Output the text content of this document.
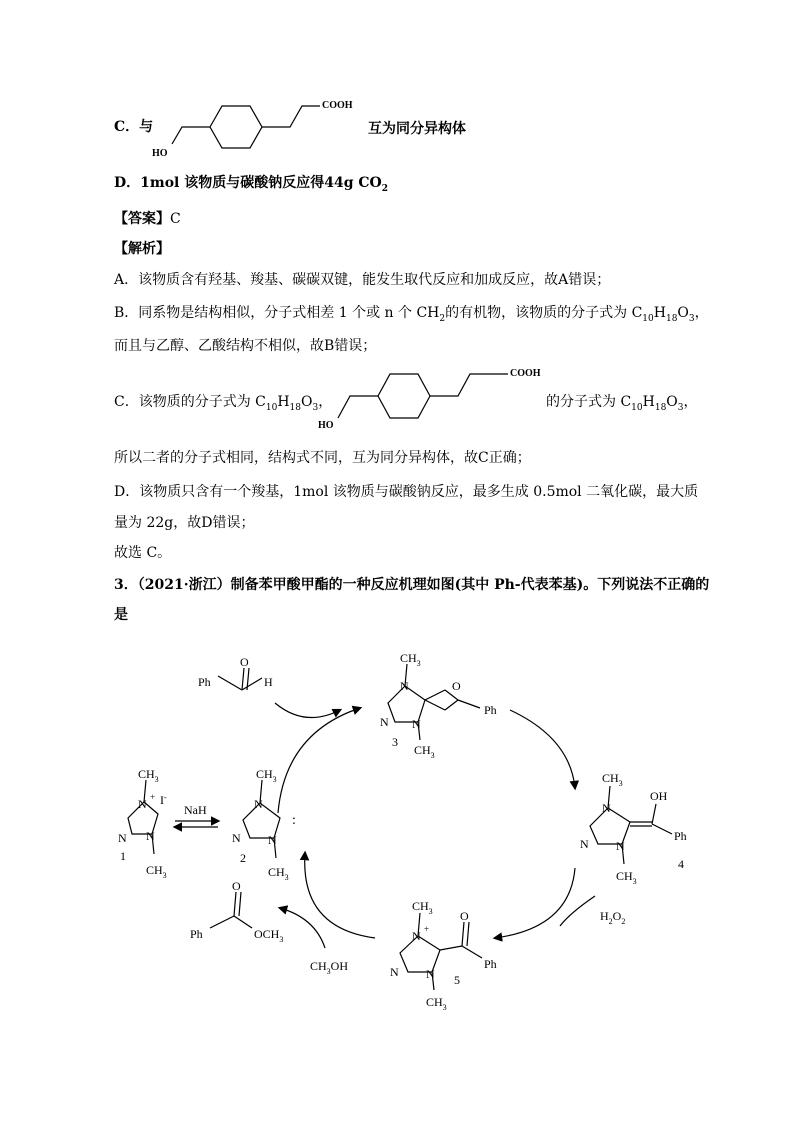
C．与
COOH
HO
互为同分异构体
D．1mol 该物质与碳酸钠反应得44g $CO_2$
【答案】C
【解析】
A．该物质含有羟基、羧基、碳碳双键，能发生取代反应和加成反应，故A错误；
B．同系物是结构相似，分子式相差 1 个或 n 个 $CH_2$的有机物，该物质的分子式为 $C_{10}H_{18}O_3$，
而且与乙醇、乙酸结构不相似，故B错误；
C．该物质的分子式为 $C_{10}H_{18}O_3$，
COOH
HO
的分子式为 $C_{10}H_{18}O_3$，
所以二者的分子式相同，结构式不同，互为同分异构体，故C正确；
D．该物质只含有一个羧基，1mol 该物质与碳酸钠反应，最多生成 0.5mol 二氧化碳，最大质
量为 22g，故D错误；
故选 C。
3．（2021·浙江）制备苯甲酸甲酯的一种反应机理如图(其中 Ph-代表苯基)。下列说法不正确的
是
$CH_3$
N + I-
N N
1
$CH_3$
NaH
$CH_3$
N
N N
:
2
$CH_3$
O
Ph	H
$CH_3$
N
N N
O
Ph
3
$CH_3$
$CH_3$
N
N N
OH
Ph
4
$CH_3$
$H_2O_2$
$CH_3$
N +
N N
O
Ph
5
$CH_3$
O
Ph	$OCH_3$
$CH_3OH$
